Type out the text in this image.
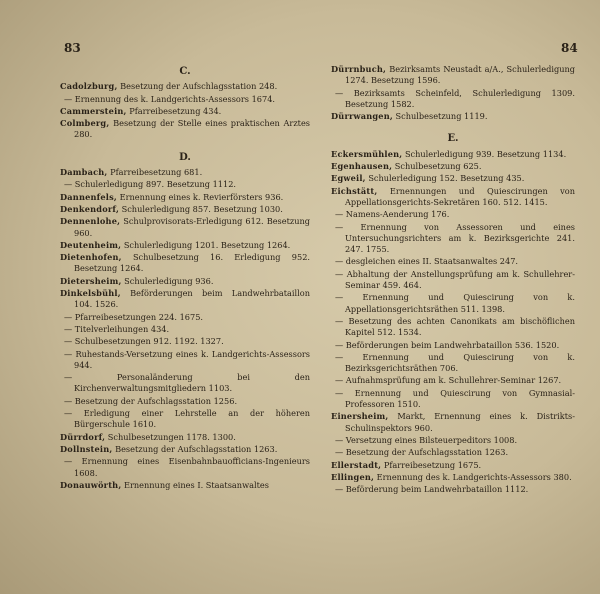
83	84
C.
Cadolzburg, Besetzung der Aufschlagsstation 248.
— Ernennung des k. Landgerichts-Assessors 1674.
Cammerstein, Pfarreibesetzung 434.
Colmberg, Besetzung der Stelle eines praktischen Arztes 280.
D.
Dambach, Pfarreibesetzung 681.
— Schulerledigung 897. Besetzung 1112.
Dannenfels, Ernennung eines k. Revierförsters 936.
Denkendorf, Schulerledigung 857. Besetzung 1030.
Dennenlohe, Schulprovisorats-Erledigung 612. Besetzung 960.
Deutenheim, Schulerledigung 1201. Besetzung 1264.
Dietenhofen, Schulbesetzung 16. Erledigung 952. Besetzung 1264.
Dietersheim, Schulerledigung 936.
Dinkelsbühl, Beförderungen beim Landwehrbataillon 104. 1526.
— Pfarreibesetzungen 224. 1675.
— Titelverleihungen 434.
— Schulbesetzungen 912. 1192. 1327.
— Ruhestands-Versetzung eines k. Landgerichts-Assessors 944.
— Personaländerung bei den Kirchenverwaltungsmitgliedern 1103.
— Besetzung der Aufschlagsstation 1256.
— Erledigung einer Lehrstelle an der höheren Bürgerschule 1610.
Dürrdorf, Schulbesetzungen 1178. 1300.
Dollnstein, Besetzung der Aufschlagsstation 1263.
— Ernennung eines Eisenbahnbauofficians-Ingenieurs 1608.
Donauwörth, Ernennung eines I. Staatsanwaltes
Dürrnbuch, Bezirksamts Neustadt a/A., Schulerledigung 1274. Besetzung 1596.
— Bezirksamts Scheinfeld, Schulerledigung 1309. Besetzung 1582.
Dürrwangen, Schulbesetzung 1119.
E.
Eckersmühlen, Schulerledigung 939. Besetzung 1134.
Egenhausen, Schulbesetzung 625.
Egweil, Schulerledigung 152. Besetzung 435.
Eichstätt, Ernennungen und Quiescirungen von Appellationsgerichts-Sekretären 160. 512. 1415.
— Namens-Aenderung 176.
— Ernennung von Assessoren und eines Untersuchungsrichters am k. Bezirksgerichte 241. 247. 1755.
— desgleichen eines II. Staatsanwaltes 247.
— Abhaltung der Anstellungsprüfung am k. Schullehrer-Seminar 459. 464.
— Ernennung und Quiescirung von k. Appellationsgerichtsräthen 511. 1398.
— Besetzung des achten Canonikats am bischöflichen Kapitel 512. 1534.
— Beförderungen beim Landwehrbataillon 536. 1520.
— Ernennung und Quiescirung von k. Bezirksgerichtsräthen 706.
— Aufnahmsprüfung am k. Schullehrer-Seminar 1267.
— Ernennung und Quiescirung von Gymnasial-Professoren 1510.
Einersheim, Markt, Ernennung eines k. Distrikts-Schulinspektors 960.
— Versetzung eines Bilsteuerpeditors 1008.
— Besetzung der Aufschlagsstation 1263.
Ellerstadt, Pfarreibesetzung 1675.
Ellingen, Ernennung des k. Landgerichts-Assessors 380.
— Beförderung beim Landwehrbataillon 1112.
